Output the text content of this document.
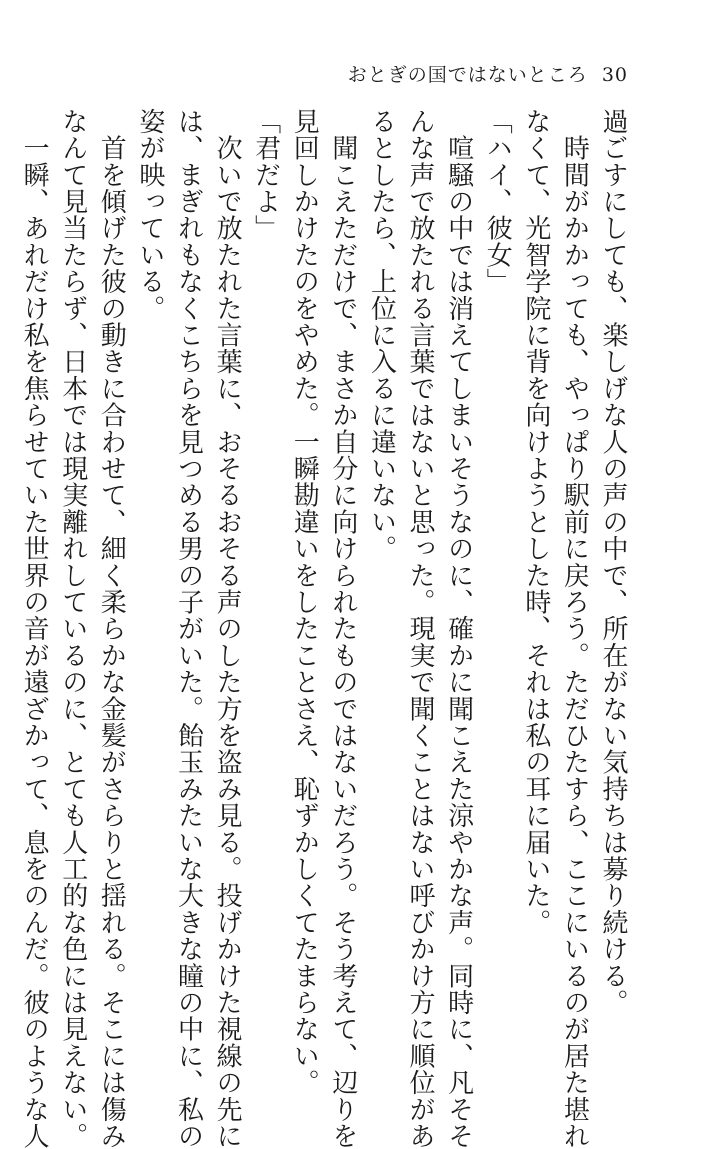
おとぎの国ではないところ 30

過ごすにしても、楽しげな人の声の中で、所在がない気持ちは募り続ける。

　時間がかかっても、やっぱり駅前に戻ろう。ただひたすら、ここにいるのが居た堪れ

なくて、光智学院に背を向けようとした時、それは私の耳に届いた。

「ハイ、彼女」

　喧騒の中では消えてしまいそうなのに、確かに聞こえた涼やかな声。同時に、凡そそ

んな声で放たれる言葉ではないと思った。現実で聞くことはない呼びかけ方に順位があ

るとしたら、上位に入るに違いない。

　聞こえただけで、まさか自分に向けられたものではないだろう。そう考えて、辺りを

見回しかけたのをやめた。一瞬勘違いをしたことさえ、恥ずかしくてたまらない。

「君だよ」

　次いで放たれた言葉に、おそるおそる声のした方を盗み見る。投げかけた視線の先に

は、まぎれもなくこちらを見つめる男の子がいた。飴玉みたいな大きな瞳の中に、私の

姿が映っている。

　首を傾げた彼の動きに合わせて、細く柔らかな金髪がさらりと揺れる。そこには傷み

なんて見当たらず、日本では現実離れしているのに、とても人工的な色には見えない。

　一瞬、あれだけ私を焦らせていた世界の音が遠ざかって、息をのんだ。彼のような人
